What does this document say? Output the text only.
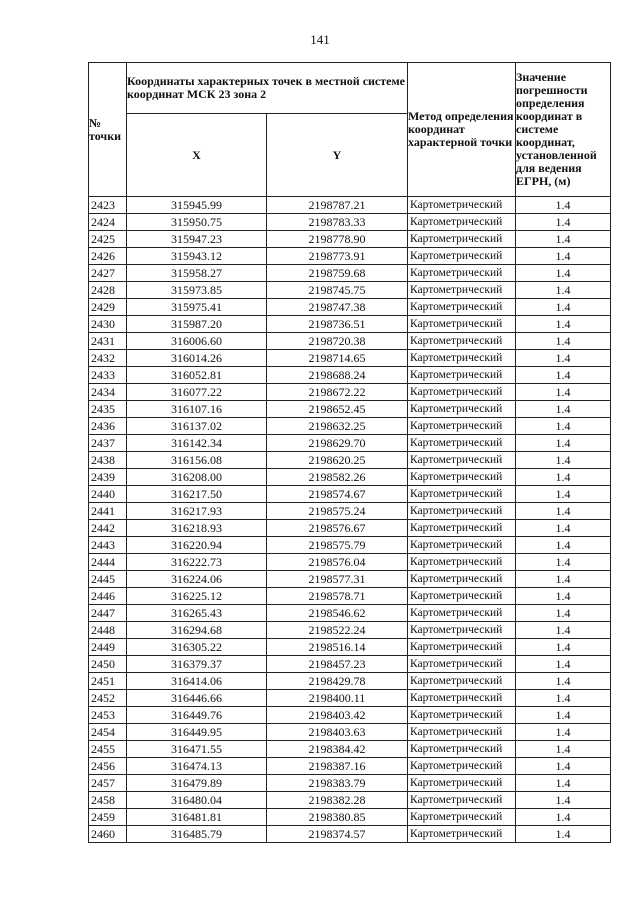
141
№ точки	Координаты характерных точек в местной системе координат МСК 23 зона 2		Метод определения координат характерной точки	Значение погрешности определения координат в системе координат, установленной для ведения ЕГРН, (м)
	X	Y		
2423	315945.99	2198787.21	Картометрический	1.4
2424	315950.75	2198783.33	Картометрический	1.4
2425	315947.23	2198778.90	Картометрический	1.4
2426	315943.12	2198773.91	Картометрический	1.4
2427	315958.27	2198759.68	Картометрический	1.4
2428	315973.85	2198745.75	Картометрический	1.4
2429	315975.41	2198747.38	Картометрический	1.4
2430	315987.20	2198736.51	Картометрический	1.4
2431	316006.60	2198720.38	Картометрический	1.4
2432	316014.26	2198714.65	Картометрический	1.4
2433	316052.81	2198688.24	Картометрический	1.4
2434	316077.22	2198672.22	Картометрический	1.4
2435	316107.16	2198652.45	Картометрический	1.4
2436	316137.02	2198632.25	Картометрический	1.4
2437	316142.34	2198629.70	Картометрический	1.4
2438	316156.08	2198620.25	Картометрический	1.4
2439	316208.00	2198582.26	Картометрический	1.4
2440	316217.50	2198574.67	Картометрический	1.4
2441	316217.93	2198575.24	Картометрический	1.4
2442	316218.93	2198576.67	Картометрический	1.4
2443	316220.94	2198575.79	Картометрический	1.4
2444	316222.73	2198576.04	Картометрический	1.4
2445	316224.06	2198577.31	Картометрический	1.4
2446	316225.12	2198578.71	Картометрический	1.4
2447	316265.43	2198546.62	Картометрический	1.4
2448	316294.68	2198522.24	Картометрический	1.4
2449	316305.22	2198516.14	Картометрический	1.4
2450	316379.37	2198457.23	Картометрический	1.4
2451	316414.06	2198429.78	Картометрический	1.4
2452	316446.66	2198400.11	Картометрический	1.4
2453	316449.76	2198403.42	Картометрический	1.4
2454	316449.95	2198403.63	Картометрический	1.4
2455	316471.55	2198384.42	Картометрический	1.4
2456	316474.13	2198387.16	Картометрический	1.4
2457	316479.89	2198383.79	Картометрический	1.4
2458	316480.04	2198382.28	Картометрический	1.4
2459	316481.81	2198380.85	Картометрический	1.4
2460	316485.79	2198374.57	Картометрический	1.4
